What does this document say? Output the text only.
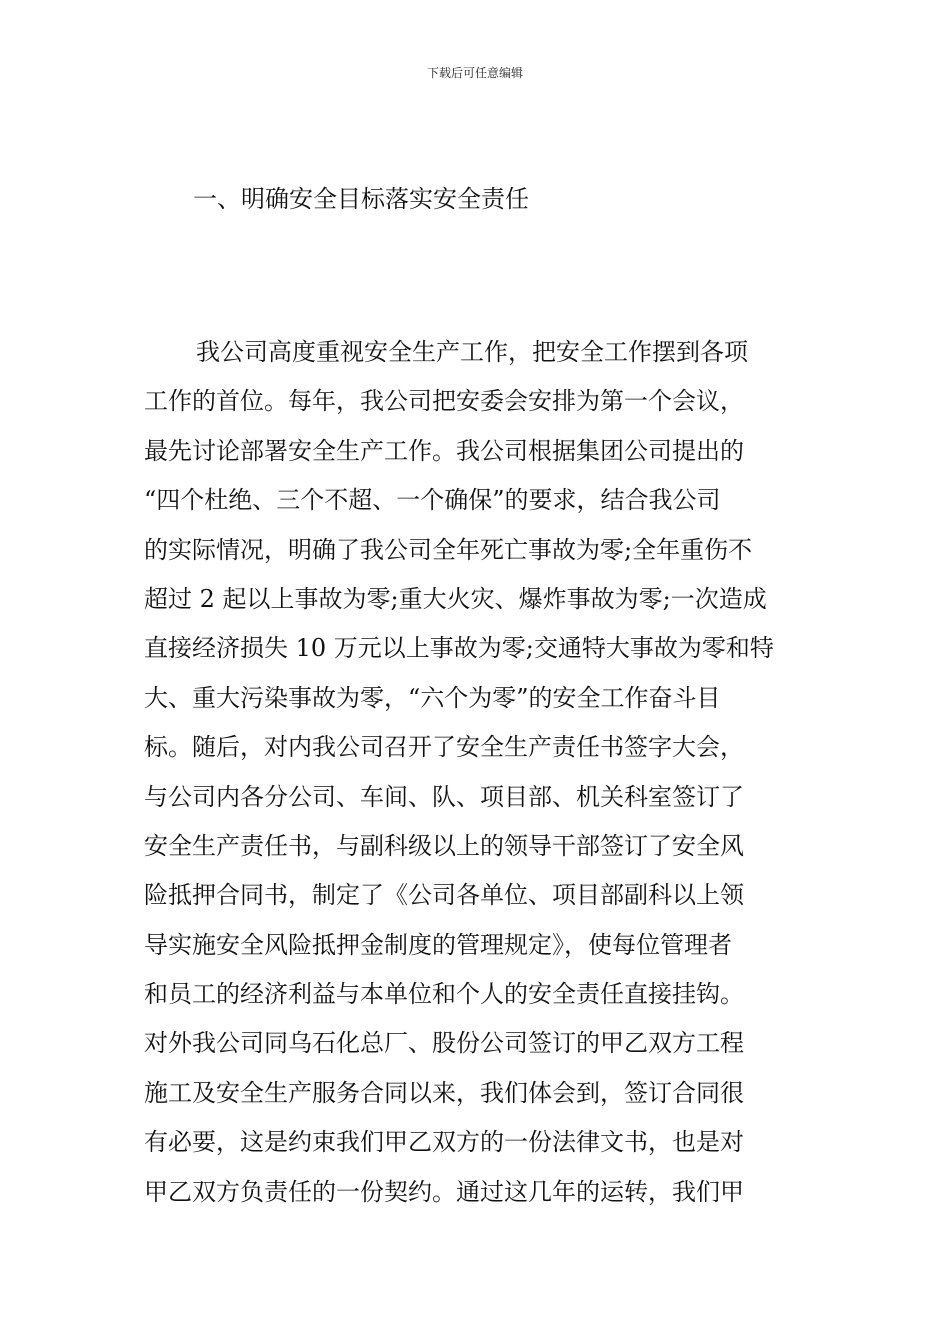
下载后可任意编辑
一、明确安全目标落实安全责任
我公司高度重视安全生产工作，把安全工作摆到各项
工作的首位。每年，我公司把安委会安排为第一个会议，
最先讨论部署安全生产工作。我公司根据集团公司提出的
“四个杜绝、三个不超、一个确保”的要求，结合我公司
的实际情况，明确了我公司全年死亡事故为零;全年重伤不
超过 2 起以上事故为零;重大火灾、爆炸事故为零;一次造成
直接经济损失 10 万元以上事故为零;交通特大事故为零和特
大、重大污染事故为零，“六个为零”的安全工作奋斗目
标。随后，对内我公司召开了安全生产责任书签字大会，
与公司内各分公司、车间、队、项目部、机关科室签订了
安全生产责任书，与副科级以上的领导干部签订了安全风
险抵押合同书，制定了《公司各单位、项目部副科以上领
导实施安全风险抵押金制度的管理规定》，使每位管理者
和员工的经济利益与本单位和个人的安全责任直接挂钩。
对外我公司同乌石化总厂、股份公司签订的甲乙双方工程
施工及安全生产服务合同以来，我们体会到，签订合同很
有必要，这是约束我们甲乙双方的一份法律文书，也是对
甲乙双方负责任的一份契约。通过这几年的运转，我们甲
